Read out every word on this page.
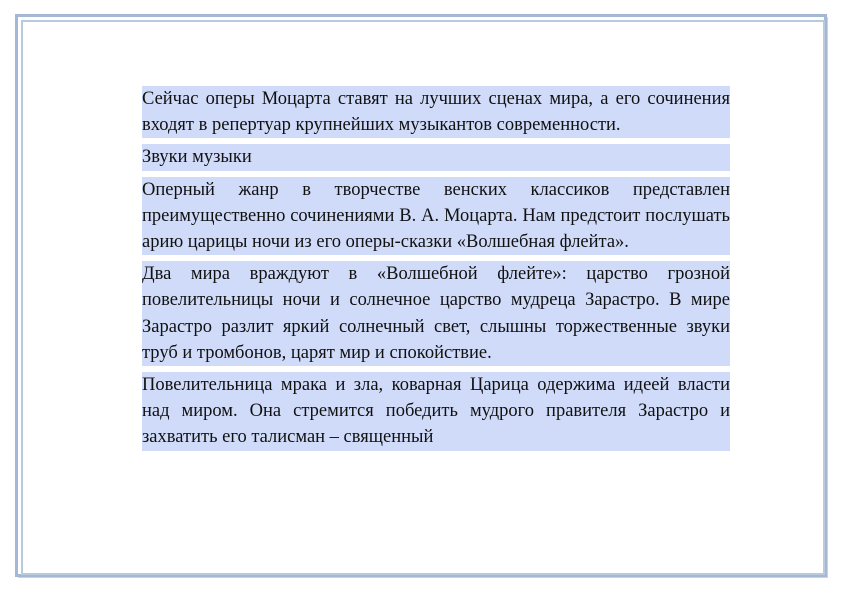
Сейчас оперы Моцарта ставят на лучших сценах мира, а его сочинения входят в репертуар крупнейших музыкантов современности.

Звуки музыки

Оперный жанр в творчестве венских классиков представлен преимущественно сочинениями В. А. Моцарта. Нам предстоит послушать арию царицы ночи из его оперы-сказки «Волшебная флейта».

Два мира враждуют в «Волшебной флейте»: царство грозной повелительницы ночи и солнечное царство мудреца Зарастро. В мире Зарастро разлит яркий солнечный свет, слышны торжественные звуки труб и тромбонов, царят мир и спокойствие.

Повелительница мрака и зла, коварная Царица одержима идеей власти над миром. Она стремится победить мудрого правителя Зарастро и захватить его талисман – священный
